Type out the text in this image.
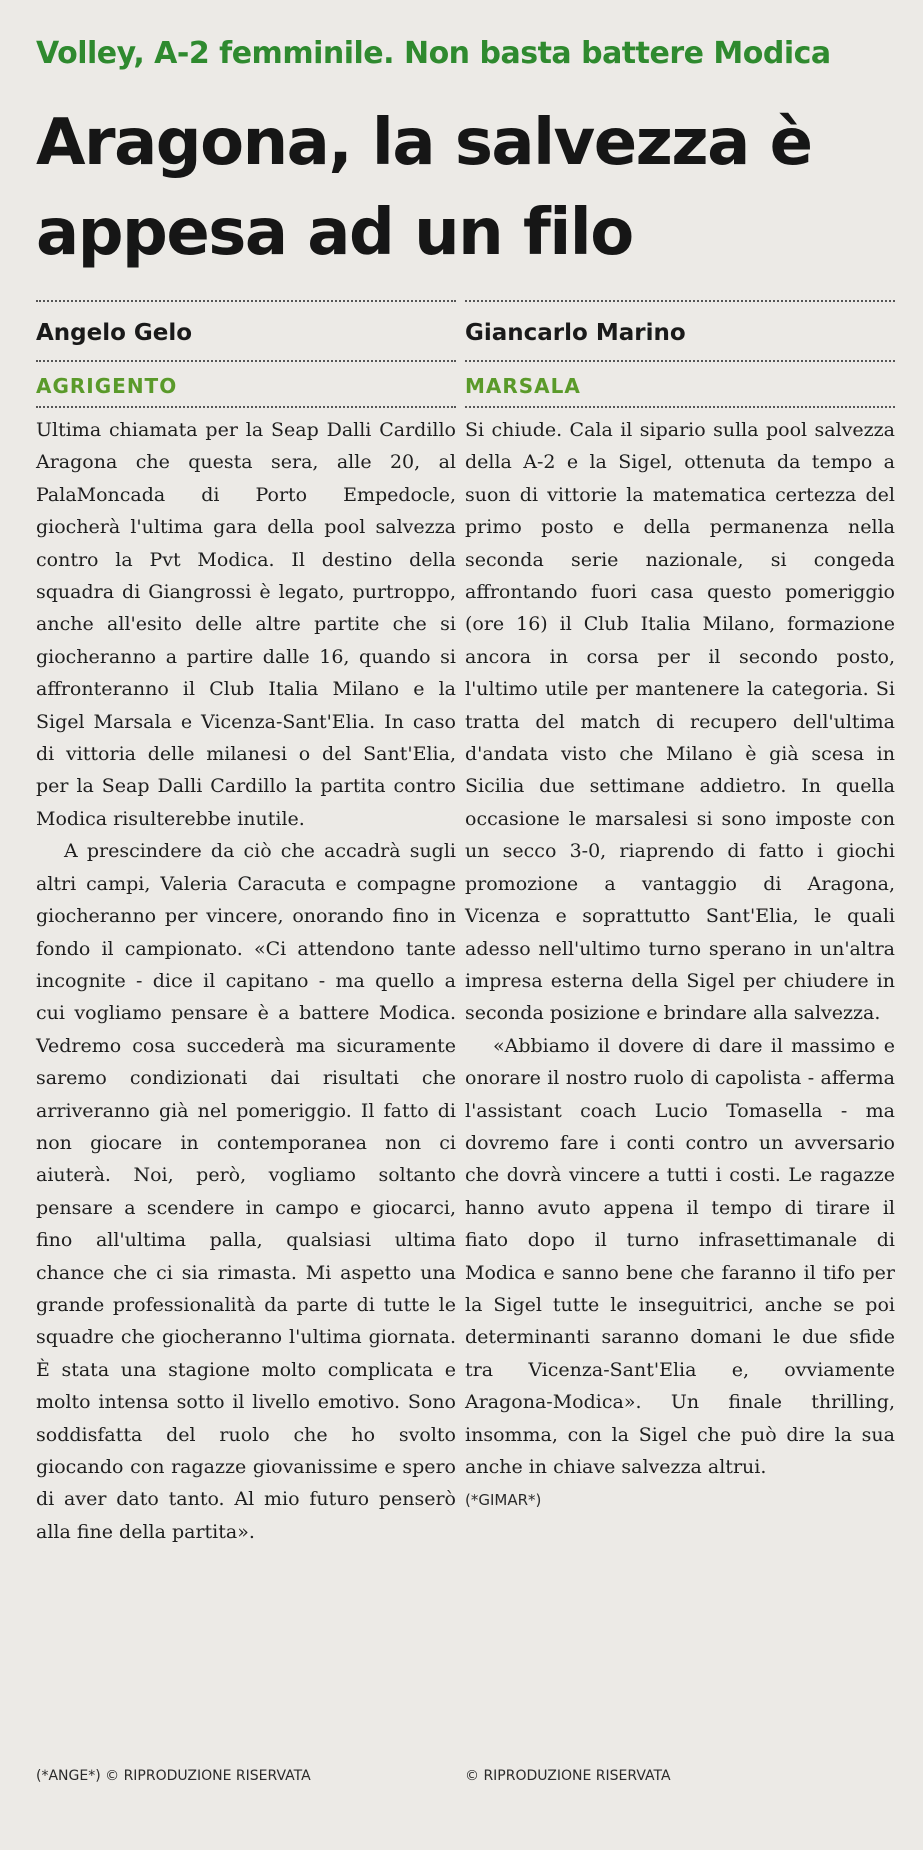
Volley, A-2 femminile. Non basta battere Modica
Aragona, la salvezza è appesa ad un filo
Angelo Gelo
AGRIGENTO

Ultima chiamata per la Seap Dalli Cardillo Aragona che questa sera, alle 20, al PalaMoncada di Porto Empedocle, giocherà l'ultima gara della pool salvezza contro la Pvt Modica. Il destino della squadra di Giangrossi è legato, purtroppo, anche all'esito delle altre partite che si giocheranno a partire dalle 16, quando si affronteranno il Club Italia Milano e la Sigel Marsala e Vicenza-Sant'Elia. In caso di vittoria delle milanesi o del Sant'Elia, per la Seap Dalli Cardillo la partita contro Modica risulterebbe inutile.

A prescindere da ciò che accadrà sugli altri campi, Valeria Caracuta e compagne giocheranno per vincere, onorando fino in fondo il campionato. «Ci attendono tante incognite - dice il capitano - ma quello a cui vogliamo pensare è a battere Modica. Vedremo cosa succederà ma sicuramente saremo condizionati dai risultati che arriveranno già nel pomeriggio. Il fatto di non giocare in contemporanea non ci aiuterà. Noi, però, vogliamo soltanto pensare a scendere in campo e giocarci, fino all'ultima palla, qualsiasi ultima chance che ci sia rimasta. Mi aspetto una grande professionalità da parte di tutte le squadre che giocheranno l'ultima giornata. È stata una stagione molto complicata e molto intensa sotto il livello emotivo. Sono soddisfatta del ruolo che ho svolto giocando con ragazze giovanissime e spero di aver dato tanto. Al mio futuro penserò alla fine della partita».

Giancarlo Marino
MARSALA

Si chiude. Cala il sipario sulla pool salvezza della A-2 e la Sigel, ottenuta da tempo a suon di vittorie la matematica certezza del primo posto e della permanenza nella seconda serie nazionale, si congeda affrontando fuori casa questo pomeriggio (ore 16) il Club Italia Milano, formazione ancora in corsa per il secondo posto, l'ultimo utile per mantenere la categoria. Si tratta del match di recupero dell'ultima d'andata visto che Milano è già scesa in Sicilia due settimane addietro. In quella occasione le marsalesi si sono imposte con un secco 3-0, riaprendo di fatto i giochi promozione a vantaggio di Aragona, Vicenza e soprattutto Sant'Elia, le quali adesso nell'ultimo turno sperano in un'altra impresa esterna della Sigel per chiudere in seconda posizione e brindare alla salvezza.

«Abbiamo il dovere di dare il massimo e onorare il nostro ruolo di capolista - afferma l'assistant coach Lucio Tomasella - ma dovremo fare i conti contro un avversario che dovrà vincere a tutti i costi. Le ragazze hanno avuto appena il tempo di tirare il fiato dopo il turno infrasettimanale di Modica e sanno bene che faranno il tifo per la Sigel tutte le inseguitrici, anche se poi determinanti saranno domani le due sfide tra Vicenza-Sant'Elia e, ovviamente Aragona-Modica». Un finale thrilling, insomma, con la Sigel che può dire la sua anche in chiave salvezza altrui.

(*GIMAR*)
(*ANGE*) © RIPRODUZIONE RISERVATA	© RIPRODUZIONE RISERVATA
